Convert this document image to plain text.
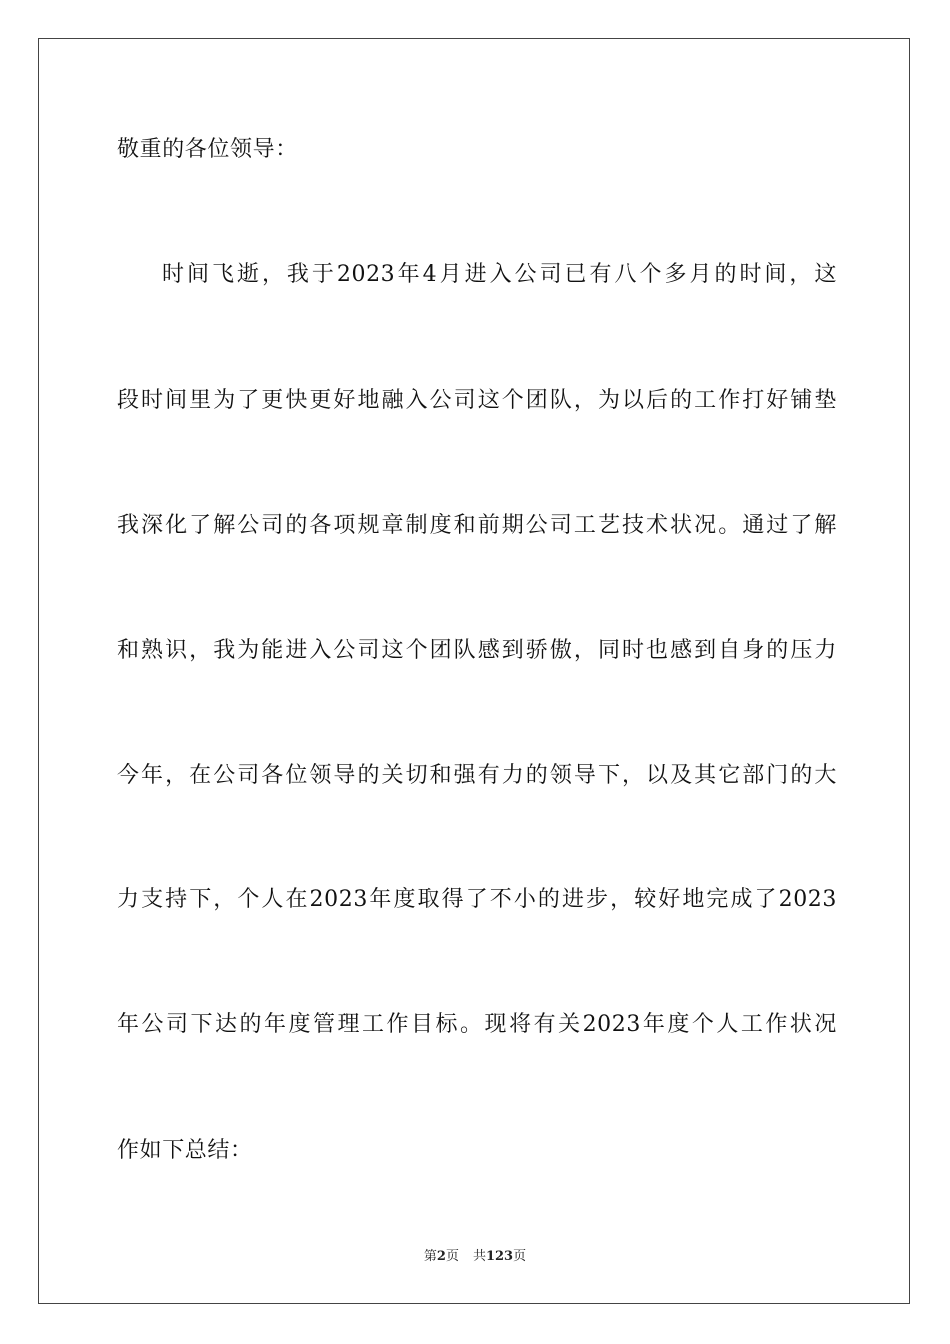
敬重的各位领导：
时间飞逝，我于2023年4月进入公司已有八个多月的时间，这
段时间里为了更快更好地融入公司这个团队，为以后的工作打好铺垫
我深化了解公司的各项规章制度和前期公司工艺技术状况。通过了解
和熟识，我为能进入公司这个团队感到骄傲，同时也感到自身的压力
今年，在公司各位领导的关切和强有力的领导下，以及其它部门的大
力支持下，个人在2023年度取得了不小的进步，较好地完成了2023
年公司下达的年度管理工作目标。现将有关2023年度个人工作状况
作如下总结：
第2页 共123页
